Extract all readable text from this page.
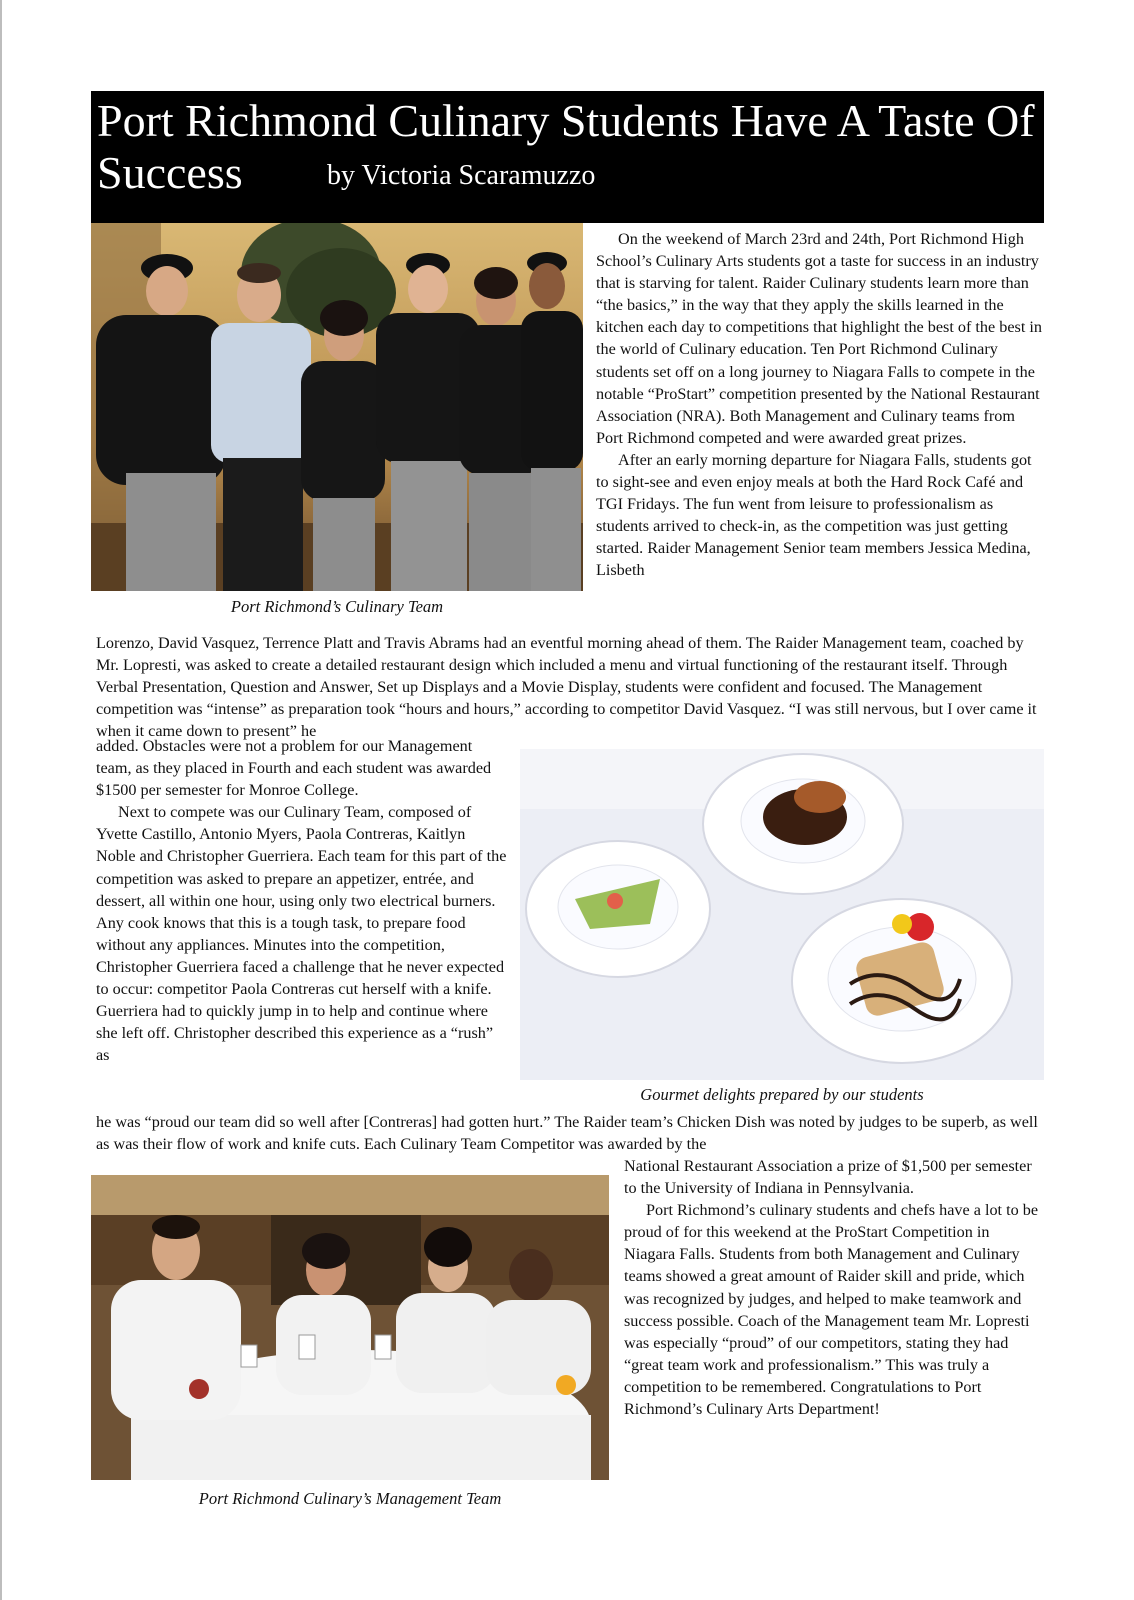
Port Richmond Culinary Students Have A Taste Of
Success	by Victoria Scaramuzzo
Port Richmond’s Culinary Team

On the weekend of March 23rd and 24th, Port Richmond High School’s Culinary Arts students got a taste for success in an industry that is starving for talent. Raider Culinary students learn more than “the basics,” in the way that they apply the skills learned in the kitchen each day to competitions that highlight the best of the best in the world of Culinary education. Ten Port Richmond Culinary students set off on a long journey to Niagara Falls to compete in the notable “ProStart” competition presented by the National Restaurant Association (NRA). Both Management and Culinary teams from Port Richmond competed and were awarded great prizes.

After an early morning departure for Niagara Falls, students got to sight-see and even enjoy meals at both the Hard Rock Café and TGI Fridays. The fun went from leisure to professionalism as students arrived to check-in, as the competition was just getting started. Raider Management Senior team members Jessica Medina, Lisbeth

Lorenzo, David Vasquez, Terrence Platt and Travis Abrams had an eventful morning ahead of them. The Raider Management team, coached by Mr. Lopresti, was asked to create a detailed restaurant design which included a menu and virtual functioning of the restaurant itself. Through Verbal Presentation, Question and Answer, Set up Displays and a Movie Display, students were confident and focused. The Management competition was “intense” as preparation took “hours and hours,” according to competitor David Vasquez. “I was still nervous, but I over came it when it came down to present” he

Gourmet delights prepared by our students

added. Obstacles were not a problem for our Management team, as they placed in Fourth and each student was awarded $1500 per semester for Monroe College.

Next to compete was our Culinary Team, composed of Yvette Castillo, Antonio Myers, Paola Contreras, Kaitlyn Noble and Christopher Guerriera. Each team for this part of the competition was asked to prepare an appetizer, entrée, and dessert, all within one hour, using only two electrical burners. Any cook knows that this is a tough task, to prepare food without any appliances. Minutes into the competition, Christopher Guerriera faced a challenge that he never expected to occur: competitor Paola Contreras cut herself with a knife. Guerriera had to quickly jump in to help and continue where she left off. Christopher described this experience as a “rush” as

he was “proud our team did so well after [Contreras] had gotten hurt.” The Raider team’s Chicken Dish was noted by judges to be superb, as well as was their flow of work and knife cuts. Each Culinary Team Competitor was awarded by the

Port Richmond Culinary’s Management Team

National Restaurant Association a prize of $1,500 per semester to the University of Indiana in Pennsylvania.

Port Richmond’s culinary students and chefs have a lot to be proud of for this weekend at the ProStart Competition in Niagara Falls. Students from both Management and Culinary teams showed a great amount of Raider skill and pride, which was recognized by judges, and helped to make teamwork and success possible. Coach of the Management team Mr. Lopresti was especially “proud” of our competitors, stating they had “great team work and professionalism.” This was truly a competition to be remembered. Congratulations to Port Richmond’s Culinary Arts Department!
